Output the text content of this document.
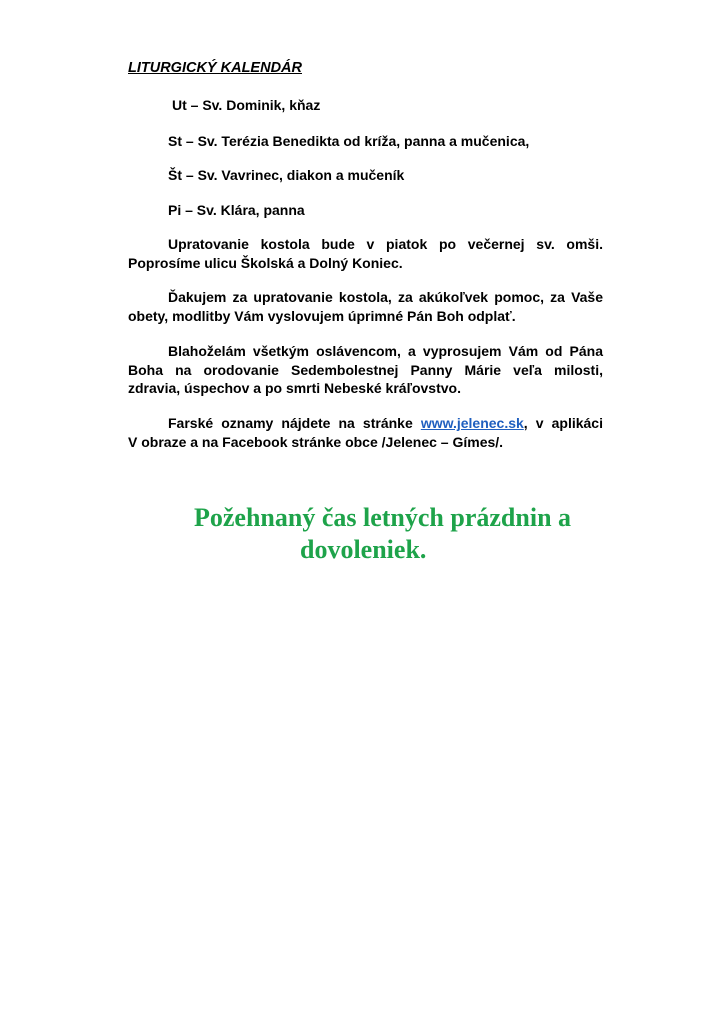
LITURGICKÝ KALENDÁR
Ut – Sv. Dominik, kňaz
St – Sv. Terézia Benedikta od kríža, panna a mučenica,
Št – Sv. Vavrinec, diakon a mučeník
Pi – Sv. Klára, panna
Upratovanie kostola bude v piatok po večernej sv. omši.
Poprosíme ulicu Školská a Dolný Koniec.
Ďakujem za upratovanie kostola, za akúkoľvek pomoc, za Vaše
obety, modlitby Vám vyslovujem úprimné Pán Boh odplať.
Blahoželám všetkým oslávencom, a vyprosujem Vám od Pána
Boha na orodovanie Sedembolestnej Panny Márie veľa milosti,
zdravia, úspechov a po smrti Nebeské kráľovstvo.
Farské oznamy nájdete na stránke www.jelenec.sk, v aplikáci
V obraze a na Facebook stránke obce /Jelenec – Gímes/.
Požehnaný čas letných prázdnin a
dovoleniek.
